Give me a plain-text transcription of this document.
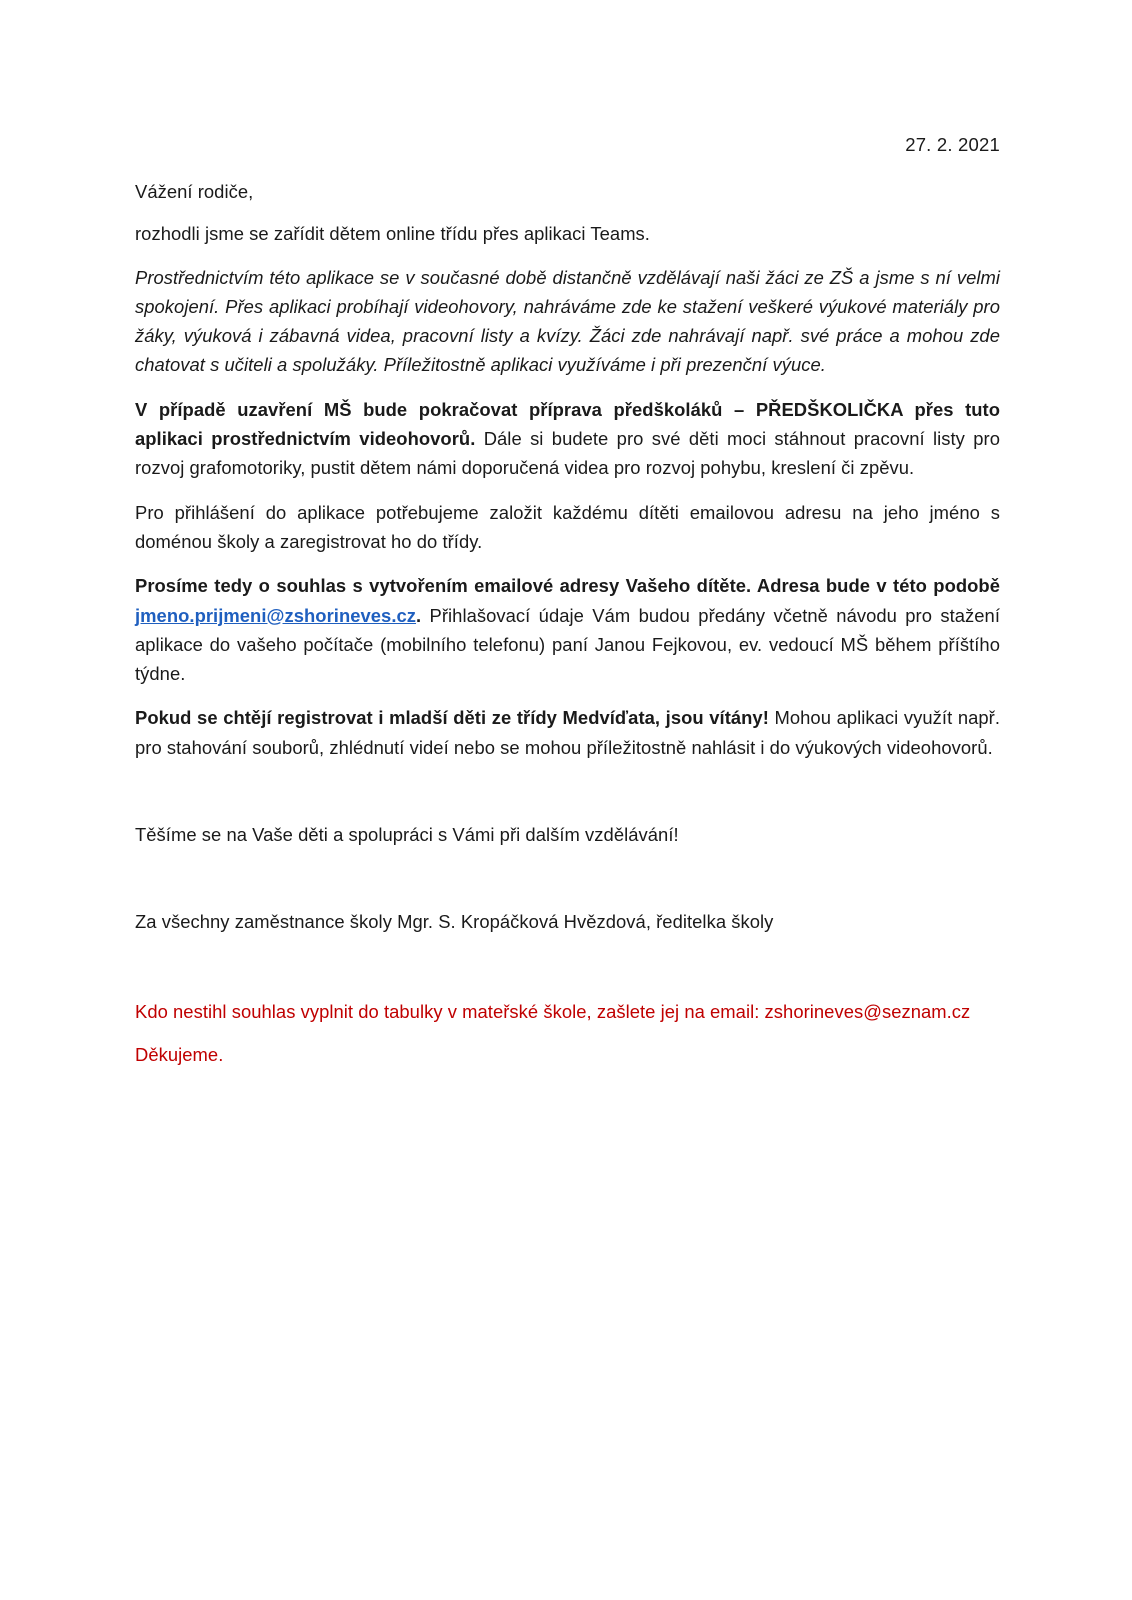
27. 2. 2021

Vážení rodiče,

rozhodli jsme se zařídit dětem online třídu přes aplikaci Teams.

Prostřednictvím této aplikace se v současné době distančně vzdělávají naši žáci ze ZŠ a jsme s ní velmi spokojení. Přes aplikaci probíhají videohovory, nahráváme zde ke stažení veškeré výukové materiály pro žáky, výuková i zábavná videa, pracovní listy a kvízy. Žáci zde nahrávají např. své práce a mohou zde chatovat s učiteli a spolužáky. Příležitostně aplikaci využíváme i při prezenční výuce.

V případě uzavření MŠ bude pokračovat příprava předškoláků – PŘEDŠKOLIČKA přes tuto aplikaci prostřednictvím videohovorů. Dále si budete pro své děti moci stáhnout pracovní listy pro rozvoj grafomotoriky, pustit dětem námi doporučená videa pro rozvoj pohybu, kreslení či zpěvu.

Pro přihlášení do aplikace potřebujeme založit každému dítěti emailovou adresu na jeho jméno s doménou školy a zaregistrovat ho do třídy.

Prosíme tedy o souhlas s vytvořením emailové adresy Vašeho dítěte. Adresa bude v této podobě jmeno.prijmeni@zshorineves.cz. Přihlašovací údaje Vám budou předány včetně návodu pro stažení aplikace do vašeho počítače (mobilního telefonu) paní Janou Fejkovou, ev. vedoucí MŠ během příštího týdne.

Pokud se chtějí registrovat i mladší děti ze třídy Medvíďata, jsou vítány! Mohou aplikaci využít např. pro stahování souborů, zhlédnutí videí nebo se mohou příležitostně nahlásit i do výukových videohovorů.

Těšíme se na Vaše děti a spolupráci s Vámi při dalším vzdělávání!

Za všechny zaměstnance školy Mgr. S. Kropáčková Hvězdová, ředitelka školy

Kdo nestihl souhlas vyplnit do tabulky v mateřské škole, zašlete jej na email: zshorineves@seznam.cz

Děkujeme.
